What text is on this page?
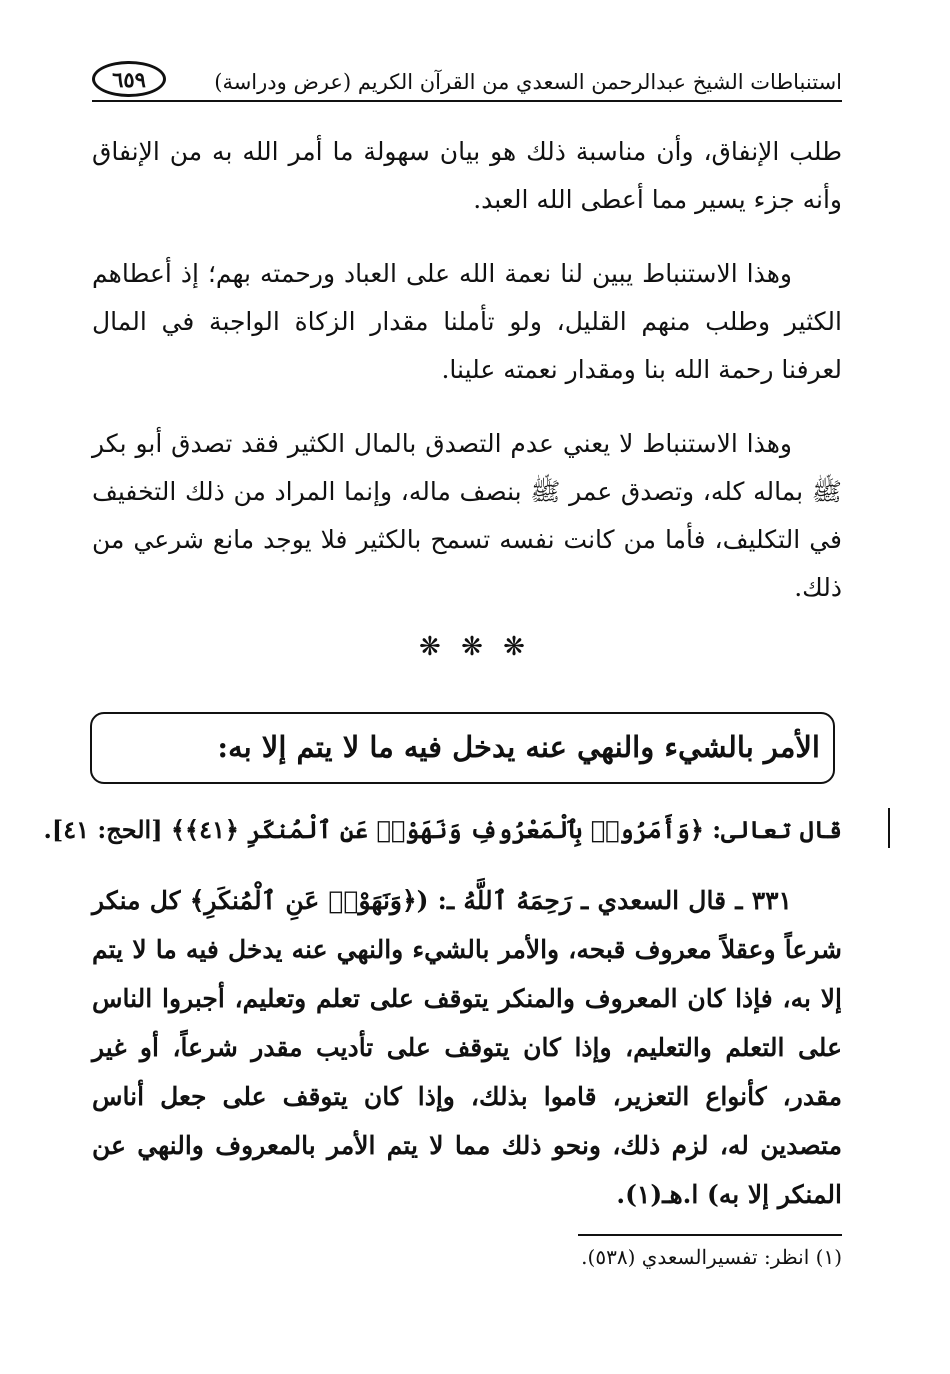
٦٥٩	استنباطات الشيخ عبدالرحمن السعدي من القرآن الكريم (عرض ودراسة)
طلب الإنفاق، وأن مناسبة ذلك هو بيان سهولة ما أمر الله به من الإنفاق وأنه جزء يسير مما أعطى الله العبد.
وهذا الاستنباط يبين لنا نعمة الله على العباد ورحمته بهم؛ إذ أعطاهم الكثير وطلب منهم القليل، ولو تأملنا مقدار الزكاة الواجبة في المال لعرفنا رحمة الله بنا ومقدار نعمته علينا.
وهذا الاستنباط لا يعني عدم التصدق بالمال الكثير فقد تصدق أبو بكر ﷺ بماله كله، وتصدق عمر ﷺ بنصف ماله، وإنما المراد من ذلك التخفيف في التكليف، فأما من كانت نفسه تسمح بالكثير فلا يوجد مانع شرعي من ذلك.
❋ ❋ ❋
الأمر بالشيء والنهي عنه يدخل فيه ما لا يتم إلا به:
قال تعالى: ﴿وَأَمَرُوا۟ بِٱلْمَعْرُوفِ وَنَهَوْا۟ عَنِ ٱلْمُنكَرِ ﴿٤١﴾﴾ [الحج: ٤١].
٣٣١ ـ قال السعدي ـ رَحِمَهُ ٱللَّهُ ـ: (﴿وَنَهَوْا۟ عَنِ ٱلْمُنكَرِ﴾ كل منكر شرعاً وعقلاً معروف قبحه، والأمر بالشيء والنهي عنه يدخل فيه ما لا يتم إلا به، فإذا كان المعروف والمنكر يتوقف على تعلم وتعليم، أجبروا الناس على التعلم والتعليم، وإذا كان يتوقف على تأديب مقدر شرعاً، أو غير مقدر، كأنواع التعزير، قاموا بذلك، وإذا كان يتوقف على جعل أناس متصدين له، لزم ذلك، ونحو ذلك مما لا يتم الأمر بالمعروف والنهي عن المنكر إلا به) ا.هـ(١).
(١) انظر: تفسيرالسعدي (٥٣٨).
